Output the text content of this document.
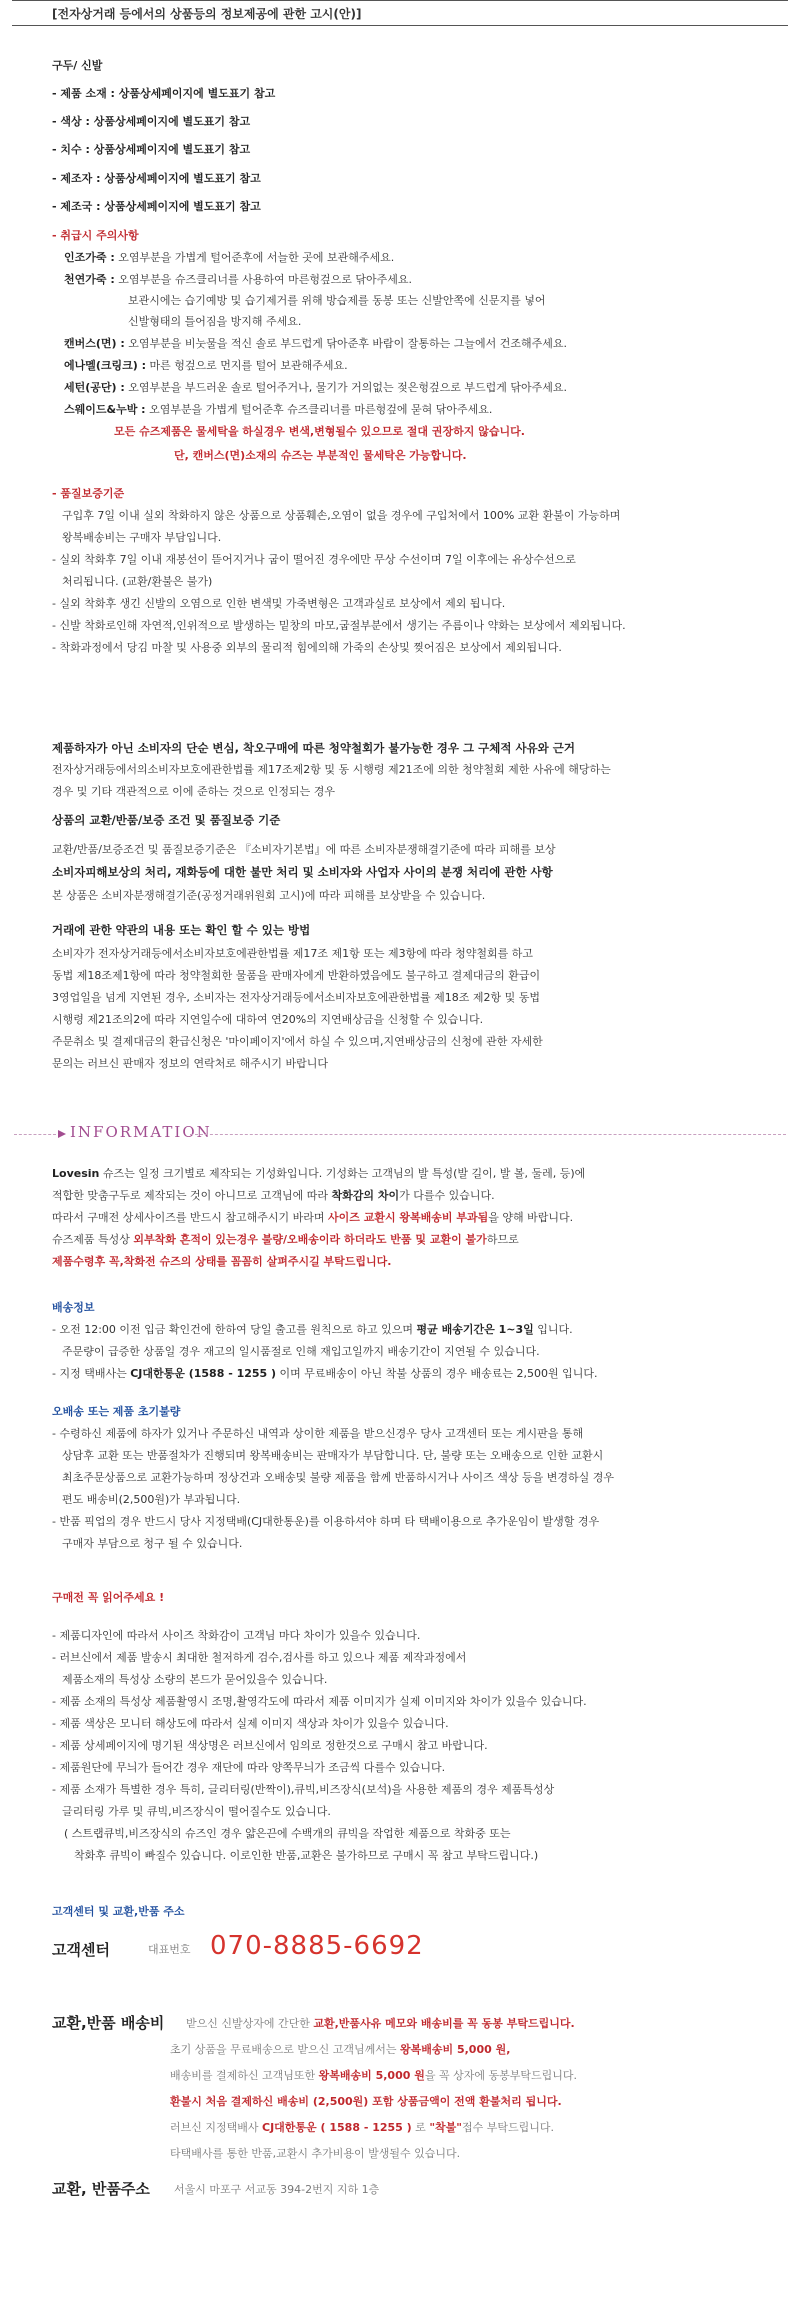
[전자상거래 등에서의 상품등의 정보제공에 관한 고시(안)]
구두/ 신발
- 제품 소재 : 상품상세페이지에 별도표기 참고
- 색상 : 상품상세페이지에 별도표기 참고
- 치수 : 상품상세페이지에 별도표기 참고
- 제조자 : 상품상세페이지에 별도표기 참고
- 제조국 : 상품상세페이지에 별도표기 참고
- 취급시 주의사항
인조가죽 : 오염부분을 가볍게 털어준후에 서늘한 곳에 보관해주세요.
천연가죽 : 오염부분을 슈즈클리너를 사용하여 마른헝겊으로 닦아주세요.
보관시에는 습기예방 및 습기제거를 위해 방습제를 동봉 또는 신발안쪽에 신문지를 넣어
신발형태의 틀어짐을 방지해 주세요.
캔버스(면) : 오염부분을 비눗물을 적신 솔로 부드럽게 닦아준후 바람이 잘통하는 그늘에서 건조해주세요.
에나멜(크링크) : 마른 헝겊으로 먼지를 털어 보관해주세요.
세턴(공단) : 오염부분을 부드러운 솔로 털어주거나, 물기가 거의없는 젖은헝겊으로 부드럽게 닦아주세요.
스웨이드&누박 : 오염부분을 가볍게 털어준후 슈즈클리너를 마른헝겊에 묻혀 닦아주세요.
모든 슈즈제품은 물세탁을 하실경우 변색,변형될수 있으므로 절대 권장하지 않습니다.
단, 캔버스(면)소재의 슈즈는 부분적인 물세탁은 가능합니다.
- 품질보증기준
구입후 7일 이내 실외 착화하지 않은 상품으로 상품훼손,오염이 없을 경우에 구입처에서 100% 교환 환불이 가능하며
왕복배송비는 구매자 부담입니다.
- 실외 착화후 7일 이내 재봉선이 뜯어지거나 굽이 떨어진 경우에만 무상 수선이며 7일 이후에는 유상수선으로
처리됩니다. (교환/환불은 불가)
- 실외 착화후 생긴 신발의 오염으로 인한 변색및 가죽변형은 고객과실로 보상에서 제외 됩니다.
- 신발 착화로인해 자연적,인위적으로 발생하는 밑창의 마모,굽절부분에서 생기는 주름이나 약화는 보상에서 제외됩니다.
- 착화과정에서 당김 마찰 및 사용중 외부의 물리적 힘에의해 가죽의 손상및 찢어짐은 보상에서 제외됩니다.
제품하자가 아닌 소비자의 단순 변심, 착오구매에 따른 청약철회가 불가능한 경우 그 구체적 사유와 근거
전자상거래등에서의소비자보호에관한법률 제17조제2항 및 동 시행령 제21조에 의한 청약철회 제한 사유에 해당하는
경우 및 기타 객관적으로 이에 준하는 것으로 인정되는 경우
상품의 교환/반품/보증 조건 및 품질보증 기준
교환/반품/보증조건 및 품질보증기준은 『소비자기본법』에 따른 소비자분쟁해결기준에 따라 피해를 보상
소비자피해보상의 처리, 재화등에 대한 불만 처리 및 소비자와 사업자 사이의 분쟁 처리에 관한 사항
본 상품은 소비자분쟁해결기준(공정거래위원회 고시)에 따라 피해를 보상받을 수 있습니다.
거래에 관한 약관의 내용 또는 확인 할 수 있는 방법
소비자가 전자상거래등에서소비자보호에관한법률 제17조 제1항 또는 제3항에 따라 청약철회를 하고
동법 제18조제1항에 따라 청약철회한 물품을 판매자에게 반환하였음에도 불구하고 결제대금의 환급이
3영업일을 넘게 지연된 경우, 소비자는 전자상거래등에서소비자보호에관한법률 제18조 제2항 및 동법
시행령 제21조의2에 따라 지연일수에 대하여 연20%의 지연배상금을 신청할 수 있습니다.
주문취소 및 결제대금의 환급신청은 '마이페이지'에서 하실 수 있으며,지연배상금의 신청에 관한 자세한
문의는 러브신 판매자 정보의 연락처로 해주시기 바랍니다
INFORMATION
Lovesin 슈즈는 일정 크기별로 제작되는 기성화입니다. 기성화는 고객님의 발 특성(발 길이, 발 볼, 둘레, 등)에
적합한 맞춤구두로 제작되는 것이 아니므로 고객님에 따라 착화감의 차이가 다를수 있습니다.
따라서 구매전 상세사이즈를 반드시 참고해주시기 바라며 사이즈 교환시 왕복배송비 부과됨을 양해 바랍니다.
슈즈제품 특성상 외부착화 흔적이 있는경우 불량/오배송이라 하더라도 반품 및 교환이 불가하므로
제품수령후 꼭,착화전 슈즈의 상태를 꼼꼼히 살펴주시길 부탁드립니다.
배송정보
- 오전 12:00 이전 입금 확인건에 한하여 당일 출고를 원칙으로 하고 있으며 평균 배송기간은 1~3일 입니다.
주문량이 급증한 상품일 경우 재고의 일시품절로 인해 재입고일까지 배송기간이 지연될 수 있습니다.
- 지정 택배사는 CJ대한통운 (1588 - 1255 ) 이며 무료배송이 아닌 착불 상품의 경우 배송료는 2,500원 입니다.
오배송 또는 제품 초기불량
- 수령하신 제품에 하자가 있거나 주문하신 내역과 상이한 제품을 받으신경우 당사 고객센터 또는 게시판을 통해
상담후 교환 또는 반품절차가 진행되며 왕복배송비는 판매자가 부담합니다. 단, 불량 또는 오배송으로 인한 교환시
최초주문상품으로 교환가능하며 정상건과 오배송및 불량 제품을 함께 반품하시거나 사이즈 색상 등을 변경하실 경우
편도 배송비(2,500원)가 부과됩니다.
- 반품 픽업의 경우 반드시 당사 지정택배(CJ대한통운)를 이용하셔야 하며 타 택배이용으로 추가운임이 발생할 경우
구매자 부담으로 청구 될 수 있습니다.
구매전 꼭 읽어주세요 !
- 제품디자인에 따라서 사이즈 착화감이 고객님 마다 차이가 있을수 있습니다.
- 러브신에서 제품 발송시 최대한 철저하게 검수,검사를 하고 있으나 제품 제작과정에서
제품소재의 특성상 소량의 본드가 묻어있을수 있습니다.
- 제품 소재의 특성상 제품촬영시 조명,촬영각도에 따라서 제품 이미지가 실제 이미지와 차이가 있을수 있습니다.
- 제품 색상은 모니터 해상도에 따라서 실제 이미지 색상과 차이가 있을수 있습니다.
- 제품 상세페이지에 명기된 색상명은 러브신에서 임의로 정한것으로 구매시 참고 바랍니다.
- 제품원단에 무늬가 들어간 경우 재단에 따라 양쪽무늬가 조금씩 다를수 있습니다.
- 제품 소재가 특별한 경우 특히, 글리터링(반짝이),큐빅,비즈장식(보석)을 사용한 제품의 경우 제품특성상
글리터링 가루 및 큐빅,비즈장식이 떨어질수도 있습니다.
( 스트랩큐빅,비즈장식의 슈즈인 경우 얇은끈에 수백개의 큐빅을 작업한 제품으로 착화중 또는
착화후 큐빅이 빠질수 있습니다. 이로인한 반품,교환은 불가하므로 구매시 꼭 참고 부탁드립니다.)
고객센터 및 교환,반품 주소
고객센터	대표번호 070-8885-6692
교환,반품 배송비 받으신 신발상자에 간단한 교환,반품사유 메모와 배송비를 꼭 동봉 부탁드립니다.
초기 상품을 무료배송으로 받으신 고객님께서는 왕복배송비 5,000 원,
배송비를 결제하신 고객님또한 왕복배송비 5,000 원을 꼭 상자에 동봉부탁드립니다.
환불시 처음 결제하신 배송비 (2,500원) 포함 상품금액이 전액 환불처리 됩니다.
러브신 지정택배사 CJ대한통운 ( 1588 - 1255 ) 로 "착불"접수 부탁드립니다.
타택배사를 통한 반품,교환시 추가비용이 발생될수 있습니다.
교환, 반품주소 서울시 마포구 서교동 394-2번지 지하 1층
